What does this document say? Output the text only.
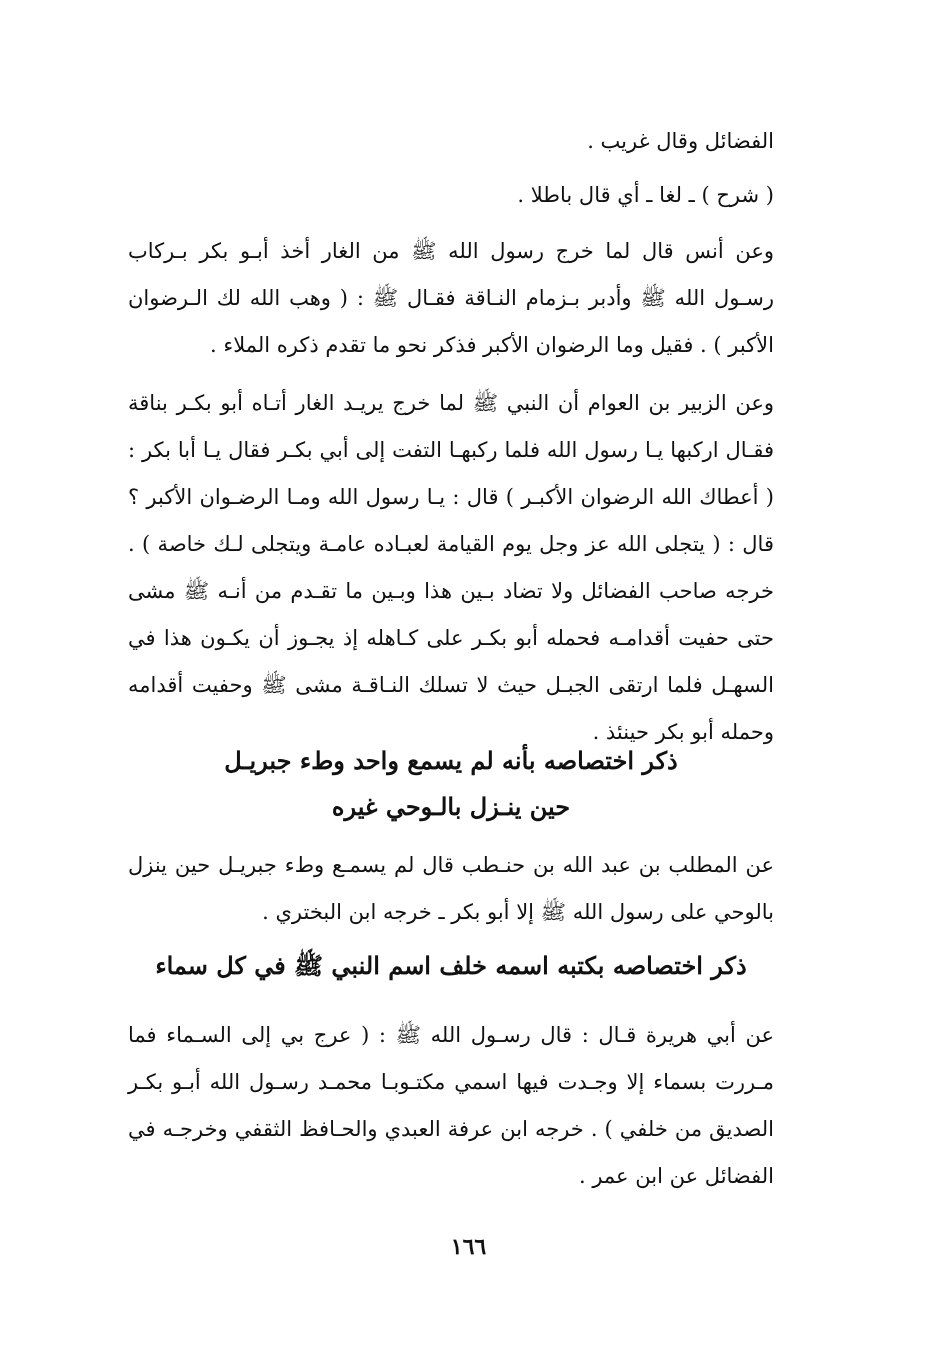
الفضائل وقال غريب .
( شرح ) ـ لغا ـ أي قال باطلا .
وعن أنس قال لما خرج رسول الله ﷺ من الغار أخذ أبـو بكر بـركاب رسـول الله ﷺ وأدبر بـزمام النـاقة فقـال ﷺ : ( وهب الله لك الـرضوان الأكبر ) . فقيل وما الرضوان الأكبر فذكر نحو ما تقدم ذكره الملاء .
وعن الزبير بن العوام أن النبي ﷺ لما خرج يريـد الغار أتـاه أبو بكـر بناقة فقـال اركبها يـا رسول الله فلما ركبهـا التفت إلى أبي بكـر فقال يـا أبا بكر : ( أعطاك الله الرضوان الأكبـر ) قال : يـا رسول الله ومـا الرضـوان الأكبر ؟ قال : ( يتجلى الله عز وجل يوم القيامة لعبـاده عامـة ويتجلى لـك خاصة ) . خرجه صاحب الفضائل ولا تضاد بـين هذا وبـين ما تقـدم من أنـه ﷺ مشى حتى حفيت أقدامـه فحمله أبو بكـر على كـاهله إذ يجـوز أن يكـون هذا في السهـل فلما ارتقى الجبـل حيث لا تسلك النـاقـة مشى ﷺ وحفيت أقدامه وحمله أبو بكر حينئذ .
ذكر اختصاصه بأنه لم يسمع واحد وطء جبريـل
حين ينـزل بالـوحي غيره
عن المطلب بن عبد الله بن حنـطب قال لم يسمـع وطء جبريـل حين ينزل بالوحي على رسول الله ﷺ إلا أبو بكر ـ خرجه ابن البختري .
ذكر اختصاصه بكتبه اسمه خلف اسم النبي ﷺ في كل سماء
عن أبي هريرة قـال : قال رسـول الله ﷺ : ( عرج بي إلى السـماء فما مـررت بسماء إلا وجـدت فيها اسمي مكتـوبـا محمـد رسـول الله أبـو بكـر الصديق من خلفي ) . خرجه ابن عرفة العبدي والحـافظ الثقفي وخرجـه في الفضائل عن ابن عمر .
١٦٦
